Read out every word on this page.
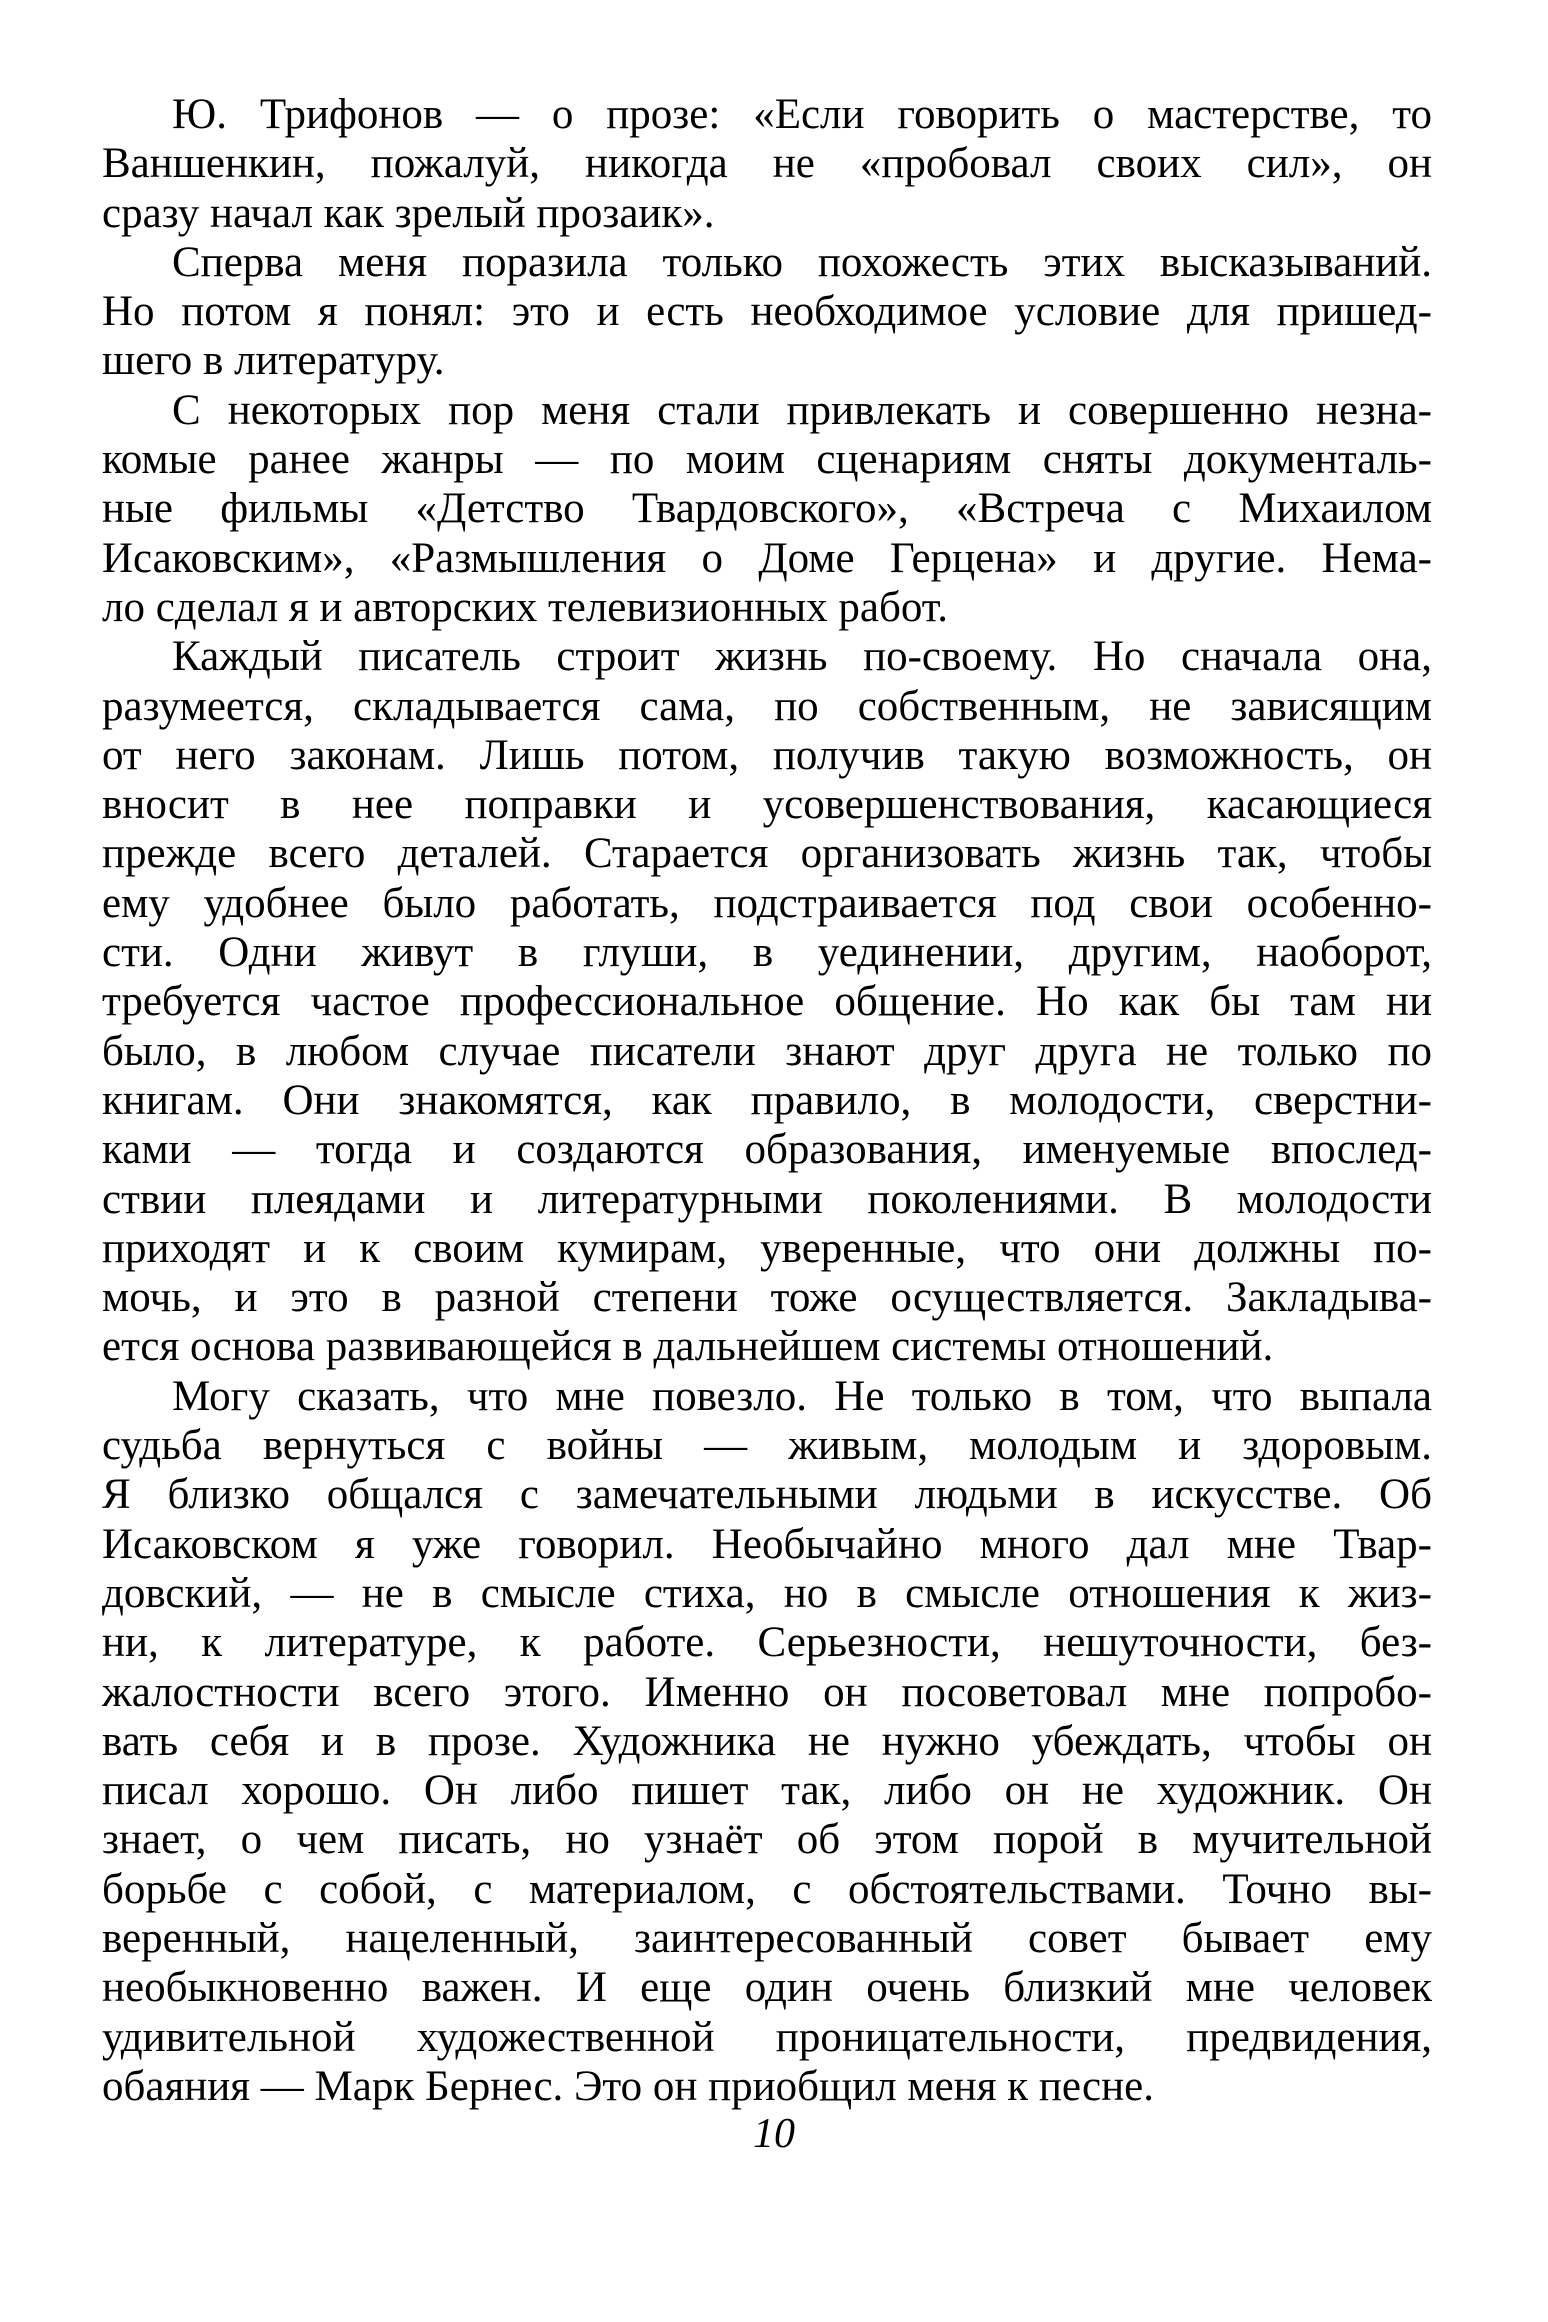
Ю. Трифонов — о прозе: «Если говорить о мастерстве, то
Ваншенкин, пожалуй, никогда не «пробовал своих сил», он
сразу начал как зрелый прозаик».
Сперва меня поразила только похожесть этих высказываний.
Но потом я понял: это и есть необходимое условие для пришед-
шего в литературу.
С некоторых пор меня стали привлекать и совершенно незна-
комые ранее жанры — по моим сценариям сняты документаль-
ные фильмы «Детство Твардовского», «Встреча с Михаилом
Исаковским», «Размышления о Доме Герцена» и другие. Нема-
ло сделал я и авторских телевизионных работ.
Каждый писатель строит жизнь по-своему. Но сначала она,
разумеется, складывается сама, по собственным, не зависящим
от него законам. Лишь потом, получив такую возможность, он
вносит в нее поправки и усовершенствования, касающиеся
прежде всего деталей. Старается организовать жизнь так, чтобы
ему удобнее было работать, подстраивается под свои особенно-
сти. Одни живут в глуши, в уединении, другим, наоборот,
требуется частое профессиональное общение. Но как бы там ни
было, в любом случае писатели знают друг друга не только по
книгам. Они знакомятся, как правило, в молодости, сверстни-
ками — тогда и создаются образования, именуемые впослед-
ствии плеядами и литературными поколениями. В молодости
приходят и к своим кумирам, уверенные, что они должны по-
мочь, и это в разной степени тоже осуществляется. Закладыва-
ется основа развивающейся в дальнейшем системы отношений.
Могу сказать, что мне повезло. Не только в том, что выпала
судьба вернуться с войны — живым, молодым и здоровым.
Я близко общался с замечательными людьми в искусстве. Об
Исаковском я уже говорил. Необычайно много дал мне Твар-
довский, — не в смысле стиха, но в смысле отношения к жиз-
ни, к литературе, к работе. Серьезности, нешуточности, без-
жалостности всего этого. Именно он посоветовал мне попробо-
вать себя и в прозе. Художника не нужно убеждать, чтобы он
писал хорошо. Он либо пишет так, либо он не художник. Он
знает, о чем писать, но узнаёт об этом порой в мучительной
борьбе с собой, с материалом, с обстоятельствами. Точно вы-
веренный, нацеленный, заинтересованный совет бывает ему
необыкновенно важен. И еще один очень близкий мне человек
удивительной художественной проницательности, предвидения,
обаяния — Марк Бернес. Это он приобщил меня к песне.
10
